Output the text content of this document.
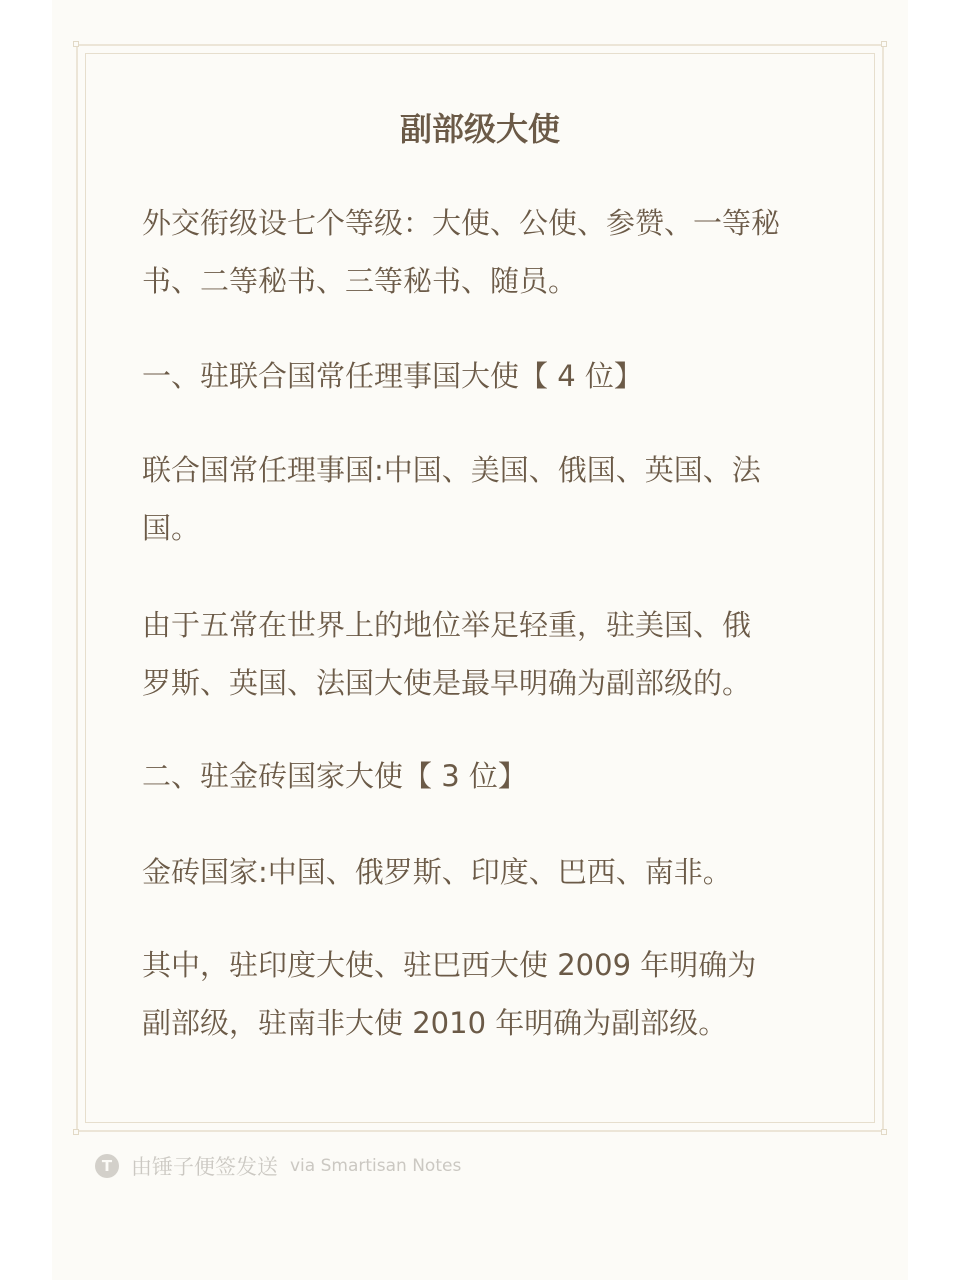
副部级大使

外交衔级设七个等级：大使、公使、参赞、一等秘
书、二等秘书、三等秘书、随员。

一、驻联合国常任理事国大使【 4 位】

联合国常任理事国:中国、美国、俄国、英国、法
国。

由于五常在世界上的地位举足轻重，驻美国、俄
罗斯、英国、法国大使是最早明确为副部级的。

二、驻金砖国家大使【 3 位】

金砖国家:中国、俄罗斯、印度、巴西、南非。

其中，驻印度大使、驻巴西大使 2009 年明确为
副部级，驻南非大使 2010 年明确为副部级。

T 由锤子便签发送 via Smartisan Notes
